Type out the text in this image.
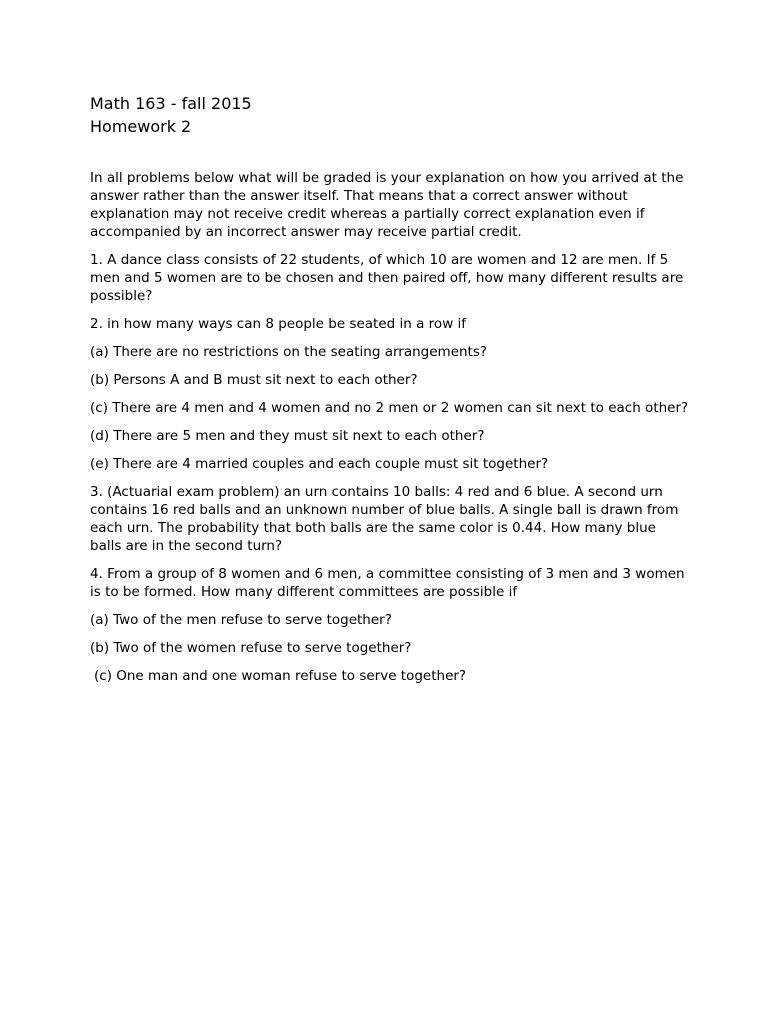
Math 163 - fall 2015
Homework 2

In all problems below what will be graded is your explanation on how you arrived at the answer rather than the answer itself. That means that a correct answer without explanation may not receive credit whereas a partially correct explanation even if accompanied by an incorrect answer may receive partial credit.

1. A dance class consists of 22 students, of which 10 are women and 12 are men. If 5 men and 5 women are to be chosen and then paired off, how many different results are possible?

2. in how many ways can 8 people be seated in a row if

(a) There are no restrictions on the seating arrangements?

(b) Persons A and B must sit next to each other?

(c) There are 4 men and 4 women and no 2 men or 2 women can sit next to each other?

(d) There are 5 men and they must sit next to each other?

(e) There are 4 married couples and each couple must sit together?

3. (Actuarial exam problem) an urn contains 10 balls: 4 red and 6 blue. A second urn contains 16 red balls and an unknown number of blue balls. A single ball is drawn from each urn. The probability that both balls are the same color is 0.44. How many blue balls are in the second turn?

4. From a group of 8 women and 6 men, a committee consisting of 3 men and 3 women is to be formed. How many different committees are possible if

(a) Two of the men refuse to serve together?

(b) Two of the women refuse to serve together?

(c) One man and one woman refuse to serve together?
